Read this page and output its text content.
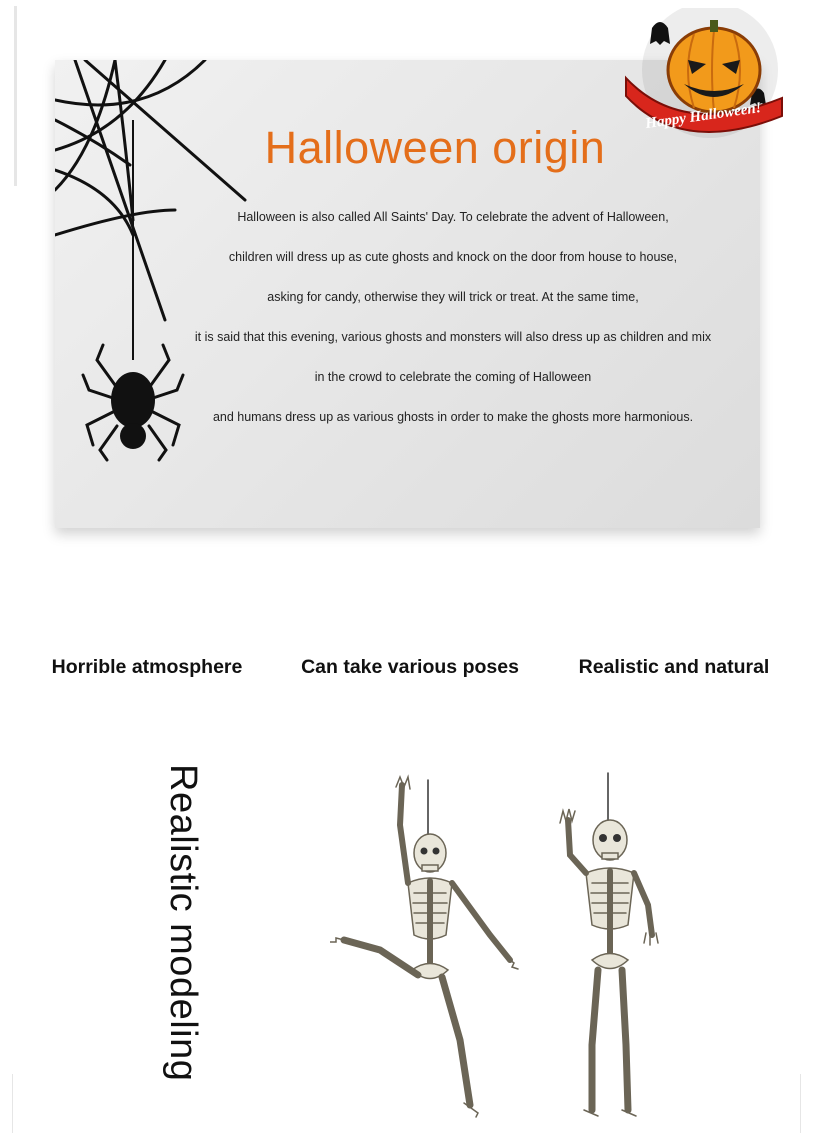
Halloween origin
Halloween is also called All Saints' Day. To celebrate the advent of Halloween,
children will dress up as cute ghosts and knock on the door from house to house,
asking for candy, otherwise they will trick or treat. At the same time,
it is said that this evening, various ghosts and monsters will also dress up as children and mix
in the crowd to celebrate the coming of Halloween
and humans dress up as various ghosts in order to make the ghosts more harmonious.
Happy Halloween!
Horrible atmosphere	Can take various poses	Realistic and natural
Realistic modeling
